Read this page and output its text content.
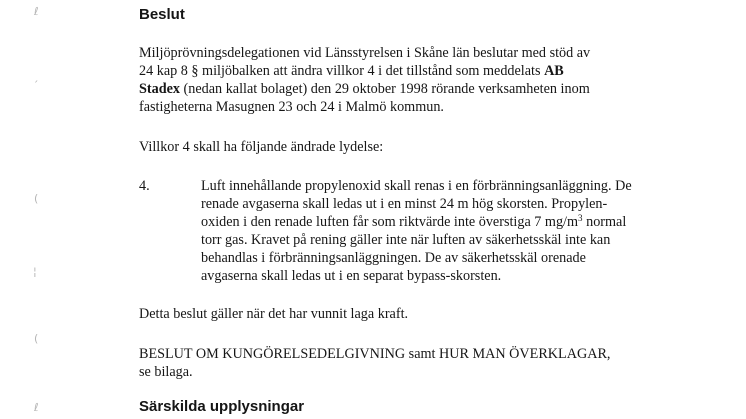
ℓ
´
(
¦
(
ℓ
Beslut
Miljöprövningsdelegationen vid Länsstyrelsen i Skåne län beslutar med stöd av
24 kap 8 § miljöbalken att ändra villkor 4 i det tillstånd som meddelats AB
Stadex (nedan kallat bolaget) den 29 oktober 1998 rörande verksamheten inom
fastigheterna Masugnen 23 och 24 i Malmö kommun.
Villkor 4 skall ha följande ändrade lydelse:
4.	Luft innehållande propylenoxid skall renas i en förbränningsanläggning. De
renade avgaserna skall ledas ut i en minst 24 m hög skorsten. Propylen-
oxiden i den renade luften får som riktvärde inte överstiga 7 $mg/m^3$ normal
torr gas. Kravet på rening gäller inte när luften av säkerhetsskäl inte kan
behandlas i förbränningsanläggningen. De av säkerhetsskäl orenade
avgaserna skall ledas ut i en separat bypass-skorsten.
Detta beslut gäller när det har vunnit laga kraft.
BESLUT OM KUNGÖRELSEDELGIVNING samt HUR MAN ÖVERKLAGAR,
se bilaga.
Särskilda upplysningar
